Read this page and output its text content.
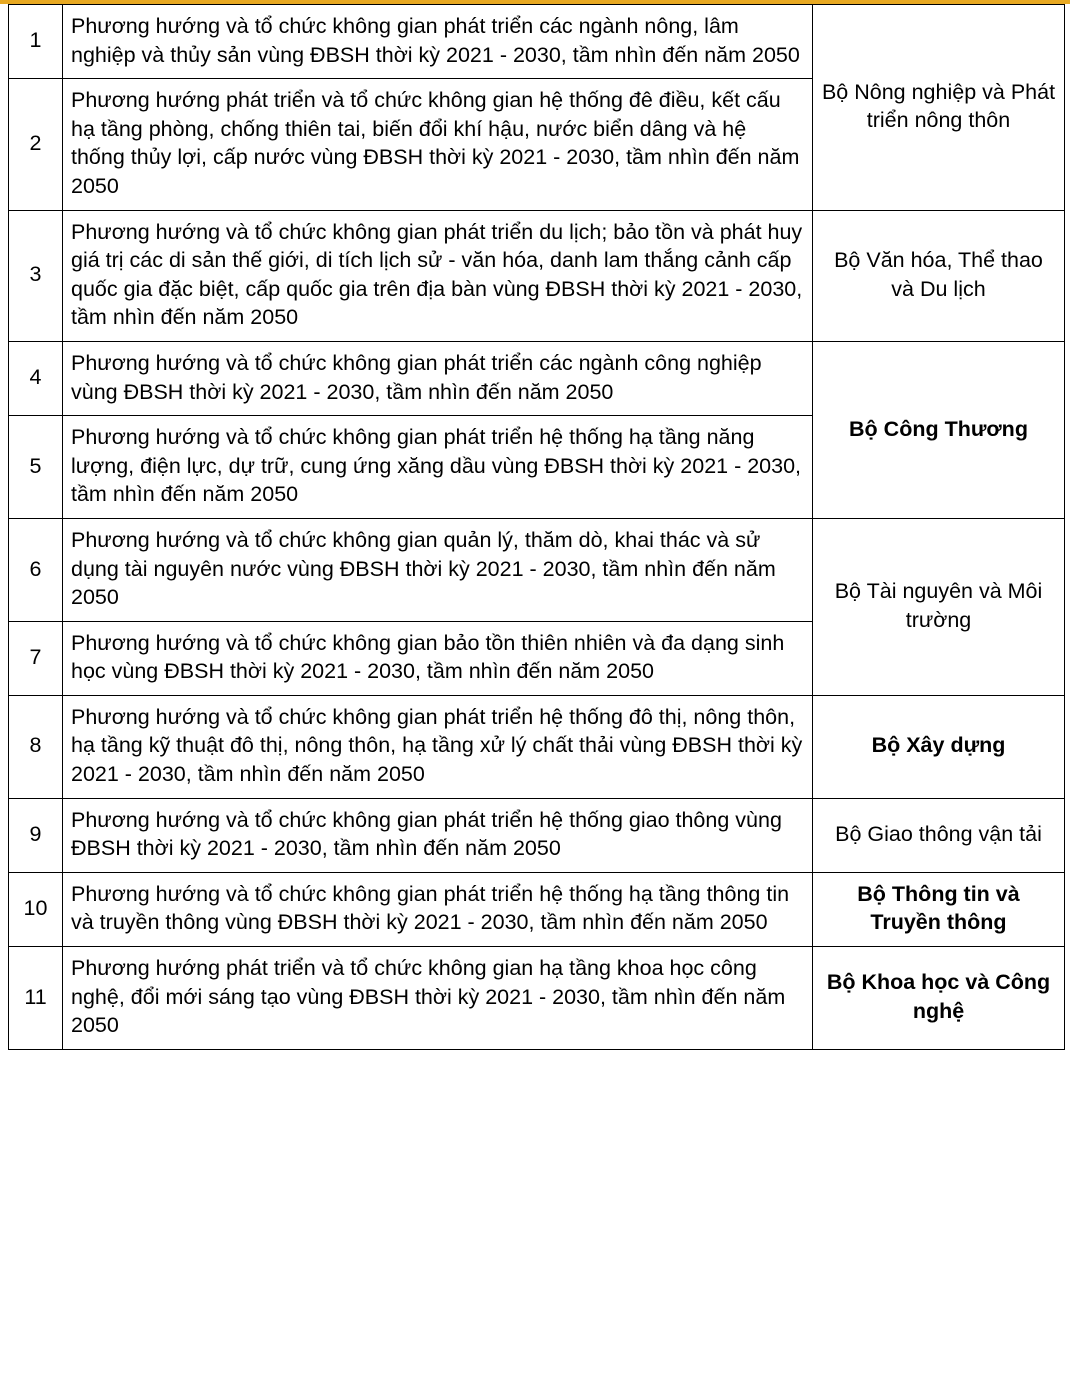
1	Phương hướng và tổ chức không gian phát triển các ngành nông, lâm nghiệp và thủy sản vùng ĐBSH thời kỳ 2021 - 2030, tầm nhìn đến năm 2050	Bộ Nông nghiệp và Phát triển nông thôn

2	Phương hướng phát triển và tổ chức không gian hệ thống đê điều, kết cấu hạ tầng phòng, chống thiên tai, biến đổi khí hậu, nước biển dâng và hệ thống thủy lợi, cấp nước vùng ĐBSH thời kỳ 2021 - 2030, tầm nhìn đến năm 2050	

3	Phương hướng và tổ chức không gian phát triển du lịch; bảo tồn và phát huy giá trị các di sản thế giới, di tích lịch sử - văn hóa, danh lam thắng cảnh cấp quốc gia đặc biệt, cấp quốc gia trên địa bàn vùng ĐBSH thời kỳ 2021 - 2030, tầm nhìn đến năm 2050	Bộ Văn hóa, Thể thao và Du lịch

4	Phương hướng và tổ chức không gian phát triển các ngành công nghiệp vùng ĐBSH thời kỳ 2021 - 2030, tầm nhìn đến năm 2050	Bộ Công Thương

5	Phương hướng và tổ chức không gian phát triển hệ thống hạ tầng năng lượng, điện lực, dự trữ, cung ứng xăng dầu vùng ĐBSH thời kỳ 2021 - 2030, tầm nhìn đến năm 2050	

6	Phương hướng và tổ chức không gian quản lý, thăm dò, khai thác và sử dụng tài nguyên nước vùng ĐBSH thời kỳ 2021 - 2030, tầm nhìn đến năm 2050	Bộ Tài nguyên và Môi trường

7	Phương hướng và tổ chức không gian bảo tồn thiên nhiên và đa dạng sinh học vùng ĐBSH thời kỳ 2021 - 2030, tầm nhìn đến năm 2050	

8	Phương hướng và tổ chức không gian phát triển hệ thống đô thị, nông thôn, hạ tầng kỹ thuật đô thị, nông thôn, hạ tầng xử lý chất thải vùng ĐBSH thời kỳ 2021 - 2030, tầm nhìn đến năm 2050	Bộ Xây dựng

9	Phương hướng và tổ chức không gian phát triển hệ thống giao thông vùng ĐBSH thời kỳ 2021 - 2030, tầm nhìn đến năm 2050	Bộ Giao thông vận tải

10	Phương hướng và tổ chức không gian phát triển hệ thống hạ tầng thông tin và truyền thông vùng ĐBSH thời kỳ 2021 - 2030, tầm nhìn đến năm 2050	Bộ Thông tin và Truyền thông

11	Phương hướng phát triển và tổ chức không gian hạ tầng khoa học công nghệ, đổi mới sáng tạo vùng ĐBSH thời kỳ 2021 - 2030, tầm nhìn đến năm 2050	Bộ Khoa học và Công nghệ
